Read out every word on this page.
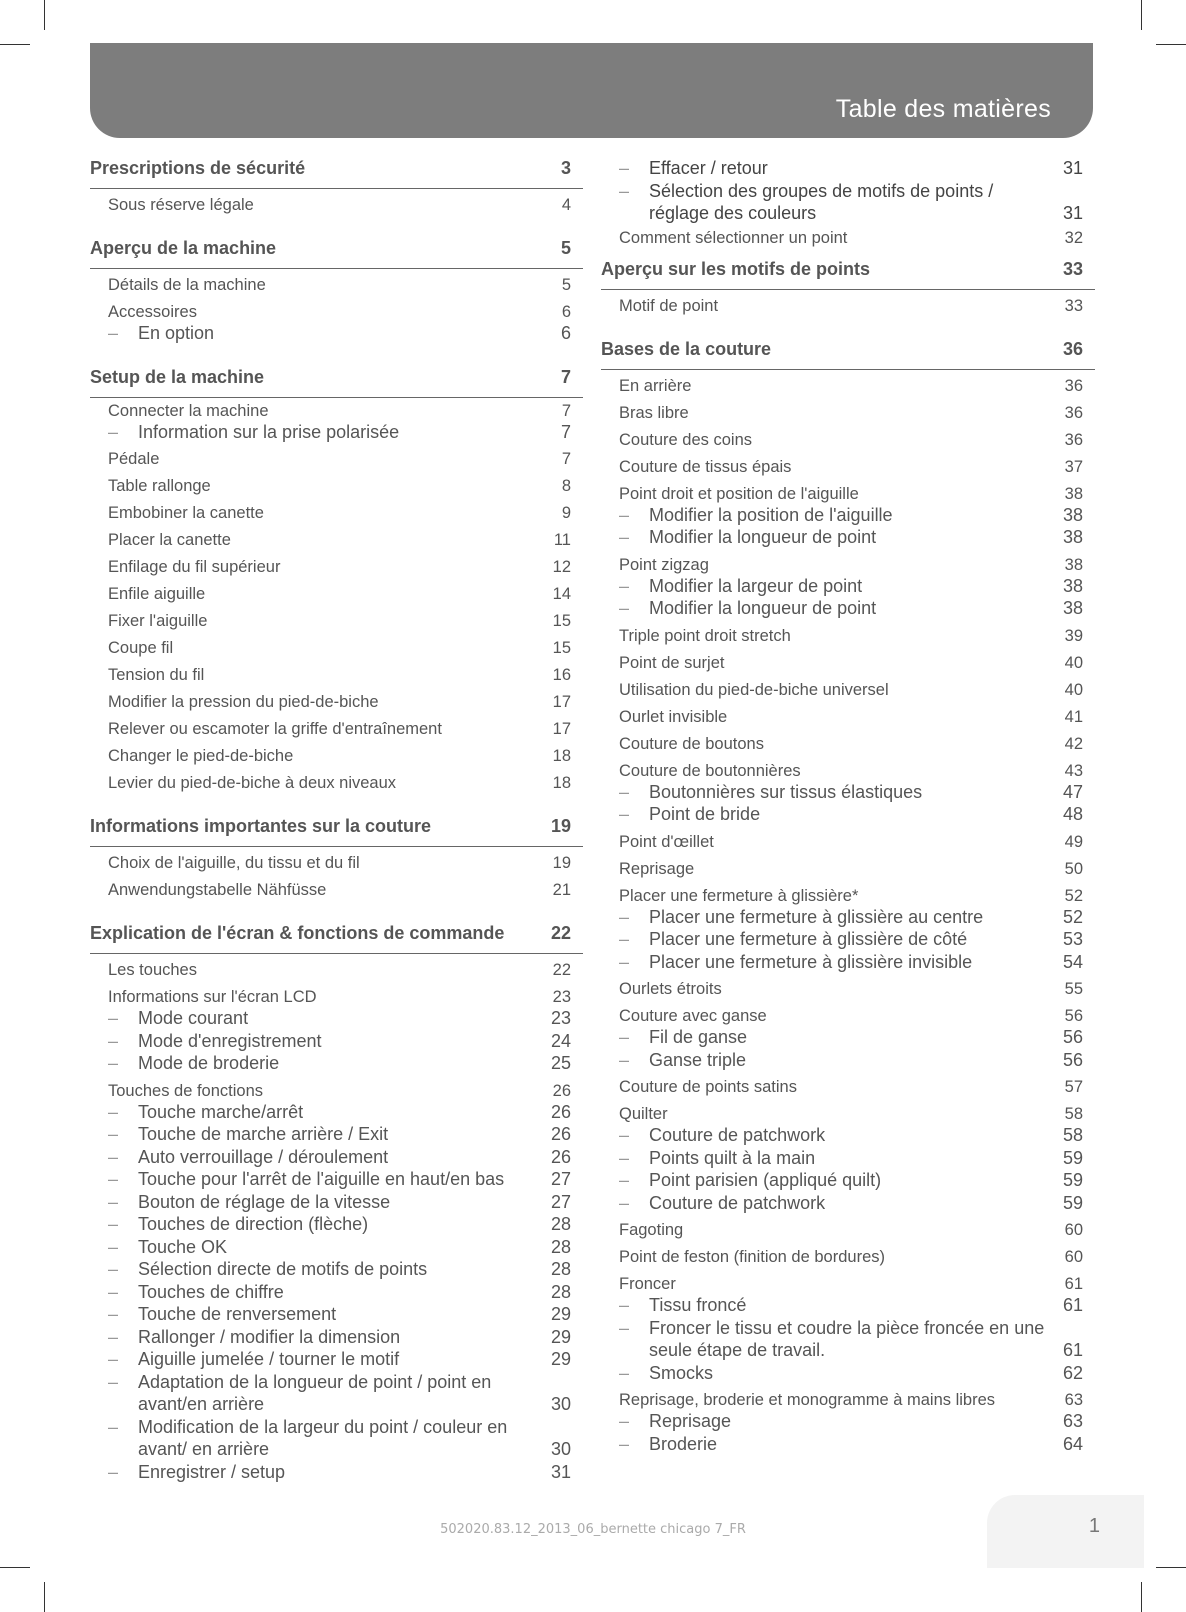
Table des matières
Prescriptions de sécurité	3
Sous réserve légale	4
Aperçu de la machine	5
Détails de la machine	5
Accessoires	6
–	En option	6
Setup de la machine	7
Connecter la machine	7
–	Information sur la prise polarisée	7
Pédale	7
Table rallonge	8
Embobiner la canette	9
Placer la canette	11
Enfilage du fil supérieur	12
Enfile aiguille	14
Fixer l'aiguille	15
Coupe fil	15
Tension du fil	16
Modifier la pression du pied-de-biche	17
Relever ou escamoter la griffe d'entraînement	17
Changer le pied-de-biche	18
Levier du pied-de-biche à deux niveaux	18
Informations importantes sur la couture	19
Choix de l'aiguille, du tissu et du fil	19
Anwendungstabelle Nähfüsse	21
Explication de l'écran & fonctions de commande	22
Les touches	22
Informations sur l'écran LCD	23
–	Mode courant	23
–	Mode d'enregistrement	24
–	Mode de broderie	25
Touches de fonctions	26
–	Touche marche/arrêt	26
–	Touche de marche arrière / Exit	26
–	Auto verrouillage / déroulement	26
–	Touche pour l'arrêt de l'aiguille en haut/en bas	27
–	Bouton de réglage de la vitesse	27
–	Touches de direction (flèche)	28
–	Touche OK	28
–	Sélection directe de motifs de points	28
–	Touches de chiffre	28
–	Touche de renversement	29
–	Rallonger / modifier la dimension	29
–	Aiguille jumelée / tourner le motif	29
–	Adaptation de la longueur de point / point en avant/en arrière	30
–	Modification de la largeur du point / couleur en avant/ en arrière	30
–	Enregistrer / setup	31
–	Effacer / retour	31
–	Sélection des groupes de motifs de points / réglage des couleurs	31
Comment sélectionner un point	32
Aperçu sur les motifs de points	33
Motif de point	33
Bases de la couture	36
En arrière	36
Bras libre	36
Couture des coins	36
Couture de tissus épais	37
Point droit et position de l'aiguille	38
–	Modifier la position de l'aiguille	38
–	Modifier la longueur de point	38
Point zigzag	38
–	Modifier la largeur de point	38
–	Modifier la longueur de point	38
Triple point droit stretch	39
Point de surjet	40
Utilisation du pied-de-biche universel	40
Ourlet invisible	41
Couture de boutons	42
Couture de boutonnières	43
–	Boutonnières sur tissus élastiques	47
–	Point de bride	48
Point d'œillet	49
Reprisage	50
Placer une fermeture à glissière*	52
–	Placer une fermeture à glissière au centre	52
–	Placer une fermeture à glissière de côté	53
–	Placer une fermeture à glissière invisible	54
Ourlets étroits	55
Couture avec ganse	56
–	Fil de ganse	56
–	Ganse triple	56
Couture de points satins	57
Quilter	58
–	Couture de patchwork	58
–	Points quilt à la main	59
–	Point parisien (appliqué quilt)	59
–	Couture de patchwork	59
Fagoting	60
Point de feston (finition de bordures)	60
Froncer	61
–	Tissu froncé	61
–	Froncer le tissu et coudre la pièce froncée en une seule étape de travail.	61
–	Smocks	62
Reprisage, broderie et monogramme à mains libres	63
–	Reprisage	63
–	Broderie	64
1
502020.83.12_2013_06_bernette chicago 7_FR
